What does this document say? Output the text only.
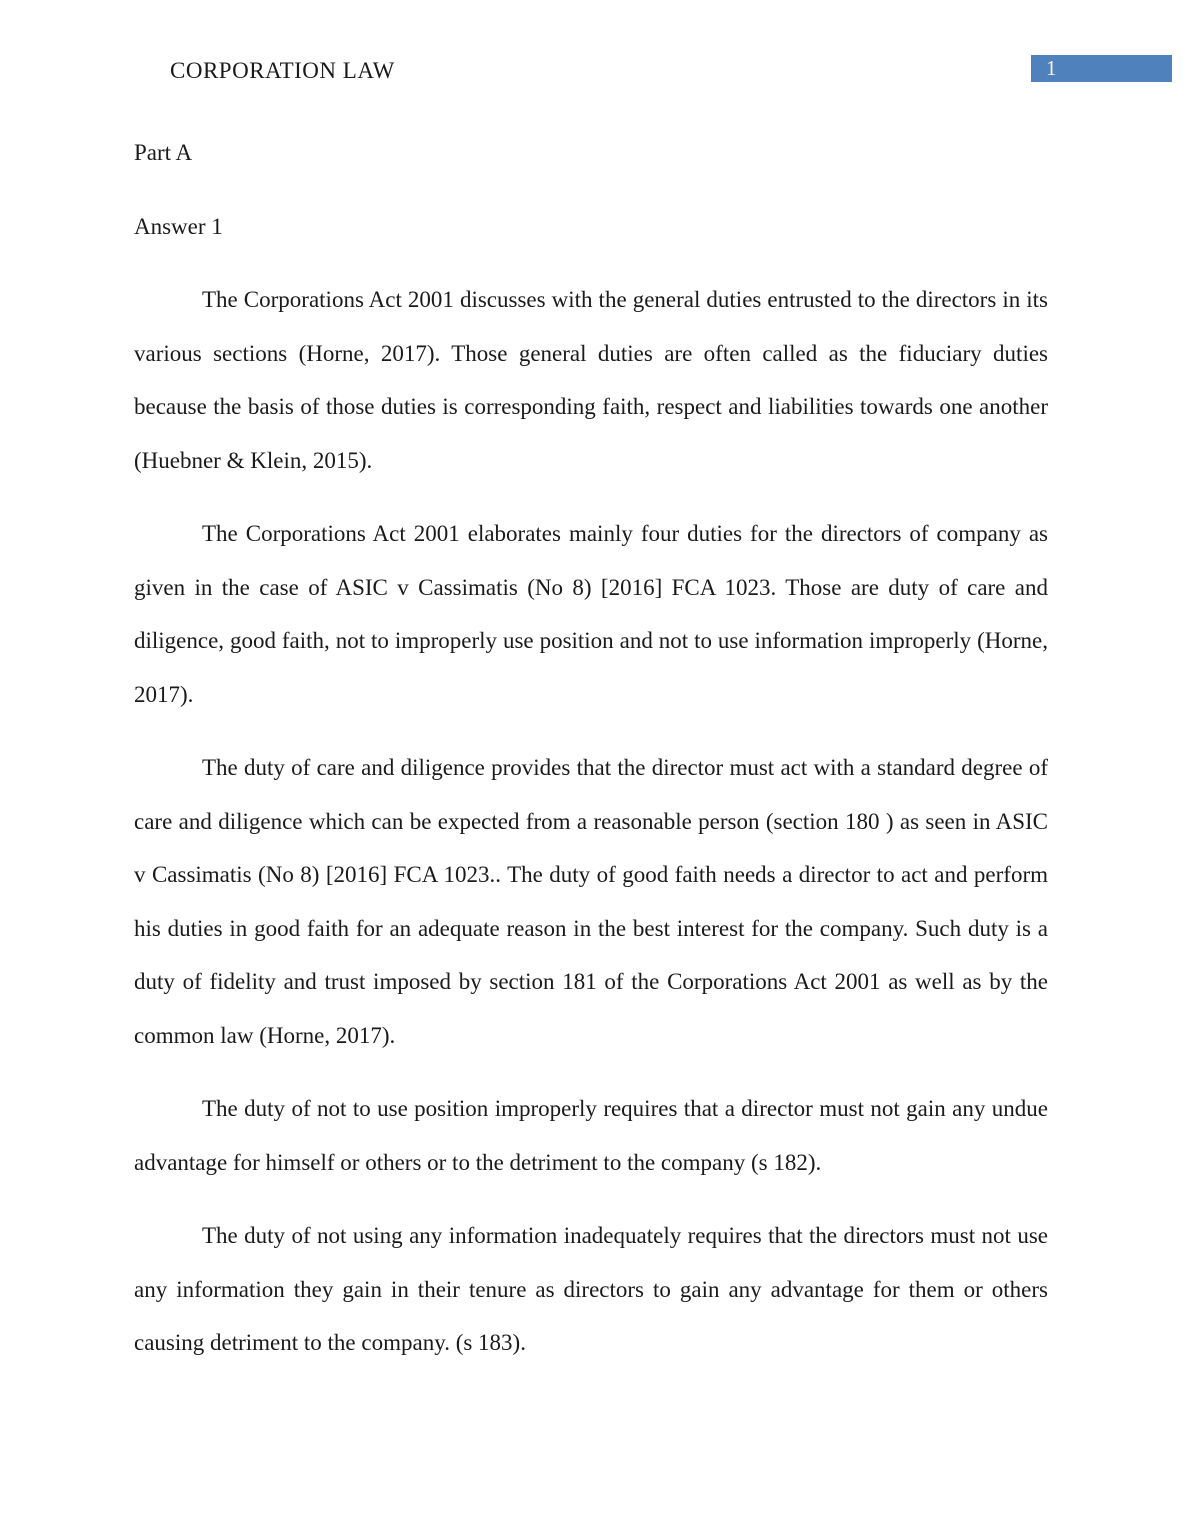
CORPORATION LAW	1

Part A

Answer 1

The Corporations Act 2001 discusses with the general duties entrusted to the directors in its various sections (Horne, 2017). Those general duties are often called as the fiduciary duties because the basis of those duties is corresponding faith, respect and liabilities towards one another (Huebner & Klein, 2015).

The Corporations Act 2001 elaborates mainly four duties for the directors of company as given in the case of ASIC v Cassimatis (No 8) [2016] FCA 1023. Those are duty of care and diligence, good faith, not to improperly use position and not to use information improperly (Horne, 2017).

The duty of care and diligence provides that the director must act with a standard degree of care and diligence which can be expected from a reasonable person (section 180 ) as seen in ASIC v Cassimatis (No 8) [2016] FCA 1023.. The duty of good faith needs a director to act and perform his duties in good faith for an adequate reason in the best interest for the company. Such duty is a duty of fidelity and trust imposed by section 181 of the Corporations Act 2001 as well as by the common law (Horne, 2017).

The duty of not to use position improperly requires that a director must not gain any undue advantage for himself or others or to the detriment to the company (s 182).

The duty of not using any information inadequately requires that the directors must not use any information they gain in their tenure as directors to gain any advantage for them or others causing detriment to the company. (s 183).
